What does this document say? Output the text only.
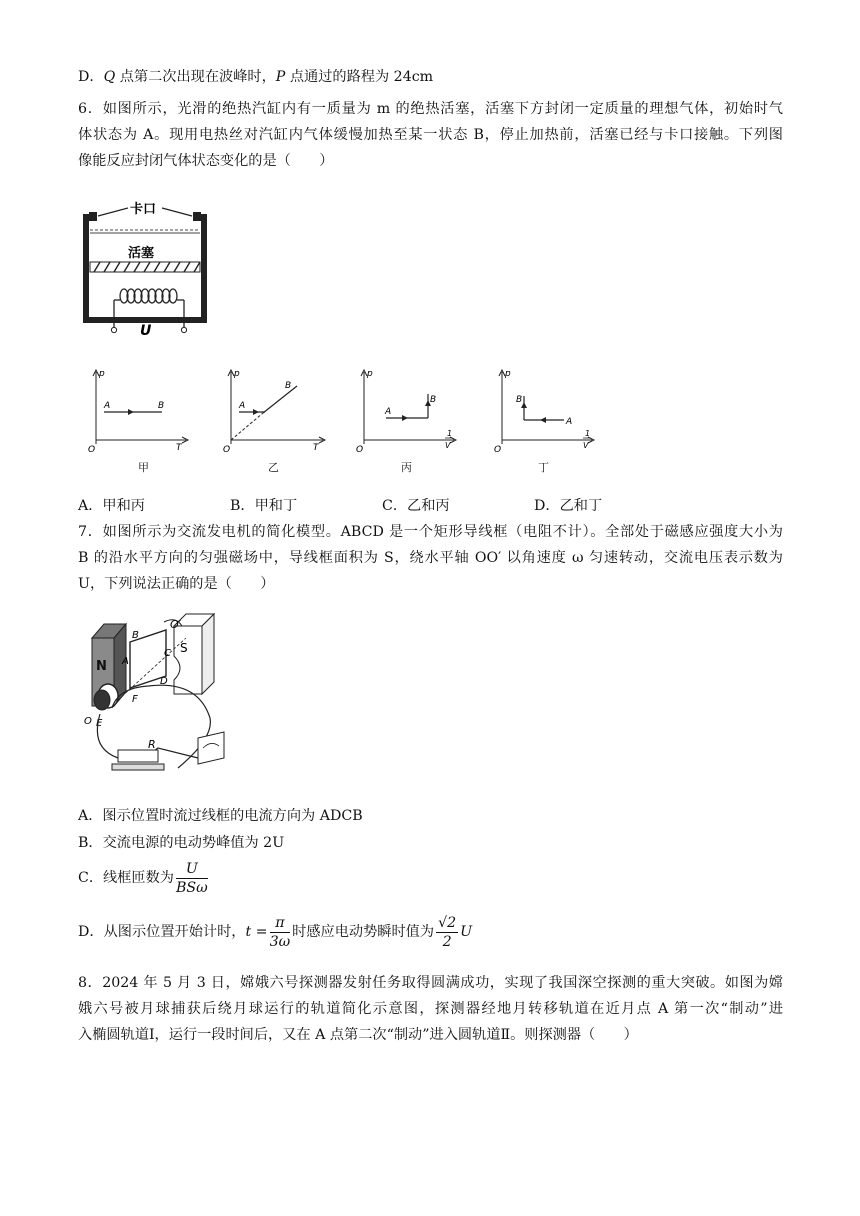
D．Q 点第二次出现在波峰时，P 点通过的路程为 24cm
6．如图所示，光滑的绝热汽缸内有一质量为 m 的绝热活塞，活塞下方封闭一定质量的理想气体，初始时气
体状态为 A。现用电热丝对汽缸内气体缓慢加热至某一状态 B，停止加热前，活塞已经与卡口接触。下列图
像能反应封闭气体状态变化的是（　　）
卡口
活塞
U
p
T
O
A	B
甲
p
T
O
A
B
乙
p
1
V
O
A
B
丙
p
1
V
O
A
B
丁
A．甲和丙	B．甲和丁	C．乙和丙	D．乙和丁
7．如图所示为交流发电机的简化模型。ABCD 是一个矩形导线框（电阻不计）。全部处于磁感应强度大小为
B 的沿水平方向的匀强磁场中，导线框面积为 S，绕水平轴 OO′ 以角速度 ω 匀速转动，交流电压表示数为
U，下列说法正确的是（　　）
N
S
B
C
D
A
O′
F
E
O
R
A．图示位置时流过线框的电流方向为 ADCB
B．交流电源的电动势峰值为 2U
C．线框匝数为 $\frac{U}{\text{BSω}}$
D．从图示位置开始计时，$t = \frac{\pi}{3\omega}$ 时感应电动势瞬时值为 $\frac{√2}{2}$ U
8．2024 年 5 月 3 日，嫦娥六号探测器发射任务取得圆满成功，实现了我国深空探测的重大突破。如图为嫦
娥六号被月球捕获后绕月球运行的轨道简化示意图，探测器经地月转移轨道在近月点 A 第一次“制动”进
入椭圆轨道Ⅰ，运行一段时间后，又在 A 点第二次“制动”进入圆轨道Ⅱ。则探测器（　　）
